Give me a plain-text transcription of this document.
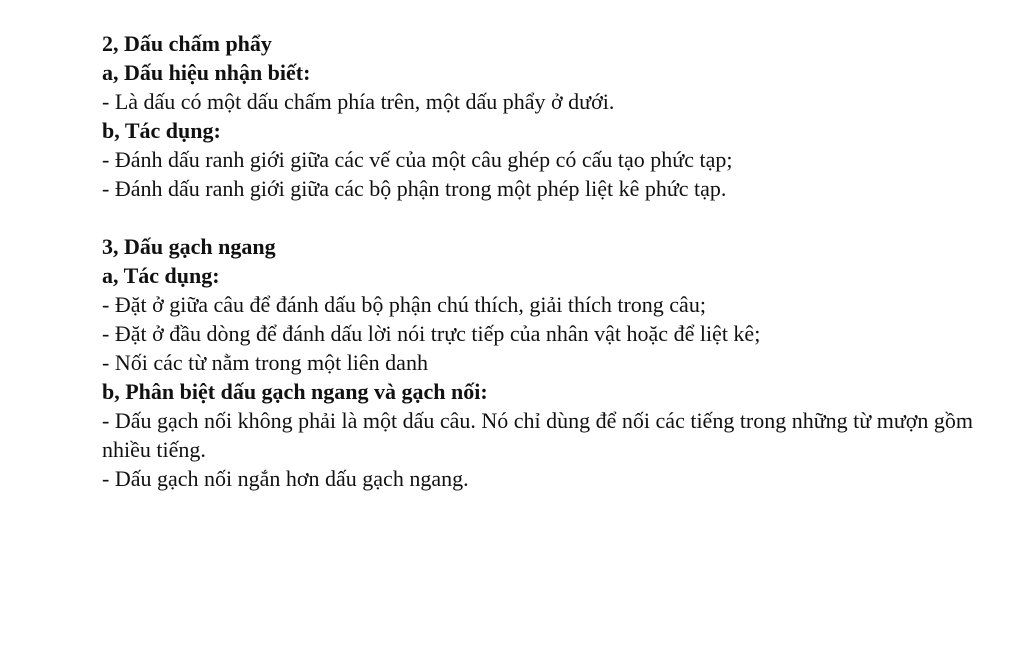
2, Dấu chấm phẩy

a, Dấu hiệu nhận biết:

- Là dấu có một dấu chấm phía trên, một dấu phẩy ở dưới.

b, Tác dụng:

- Đánh dấu ranh giới giữa các vế của một câu ghép có cấu tạo phức tạp;

- Đánh dấu ranh giới giữa các bộ phận trong một phép liệt kê phức tạp.

3, Dấu gạch ngang

a, Tác dụng:

- Đặt ở giữa câu để đánh dấu bộ phận chú thích, giải thích trong câu;

- Đặt ở đầu dòng để đánh dấu lời nói trực tiếp của nhân vật hoặc để liệt kê;

- Nối các từ nằm trong một liên danh

b, Phân biệt dấu gạch ngang và gạch nối:

- Dấu gạch nối không phải là một dấu câu. Nó chỉ dùng để nối các tiếng trong những từ mượn gồm nhiều tiếng.

- Dấu gạch nối ngắn hơn dấu gạch ngang.
